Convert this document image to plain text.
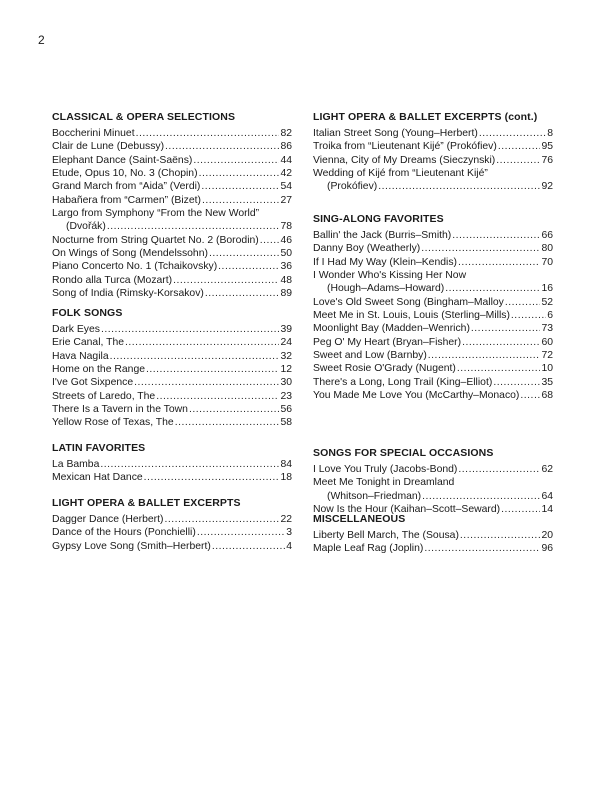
2
CLASSICAL & OPERA SELECTIONS
Boccherini Minuet .....	82
Clair de Lune (Debussy) .....	86
Elephant Dance (Saint-Saëns) .....	44
Etude, Opus 10, No. 3 (Chopin) .....	42
Grand March from “Aida” (Verdi) .....	54
Habañera from “Carmen” (Bizet) .....	27
Largo from Symphony “From the New World”
(Dvořák) .....	78
Nocturne from String Quartet No. 2 (Borodin) ..... 46
On Wings of Song (Mendelssohn) .....	50
Piano Concerto No. 1 (Tchaikovsky) .....	36
Rondo alla Turca (Mozart) .....	48
Song of India (Rimsky-Korsakov) .....	89
FOLK SONGS
Dark Eyes .....	39
Erie Canal, The .....	24
Hava Nagila .....	32
Home on the Range .....	12
I've Got Sixpence .....	30
Streets of Laredo, The .....	23
There Is a Tavern in the Town .....	56
Yellow Rose of Texas, The .....	58
LATIN FAVORITES
La Bamba .....	84
Mexican Hat Dance .....	18
LIGHT OPERA & BALLET EXCERPTS
Dagger Dance (Herbert) .....	22
Dance of the Hours (Ponchielli) .....	3
Gypsy Love Song (Smith–Herbert) .....	4
LIGHT OPERA & BALLET EXCERPTS (cont.)
Italian Street Song (Young–Herbert) .....	8
Troika from “Lieutenant Kijé” (Prokófiev) .....	95
Vienna, City of My Dreams (Sieczynski) .....	76
Wedding of Kijé from “Lieutenant Kijé”
(Prokófiev) .....	92
SING-ALONG FAVORITES
Ballin' the Jack (Burris–Smith) .....	66
Danny Boy (Weatherly) .....	80
If I Had My Way (Klein–Kendis) .....	70
I Wonder Who's Kissing Her Now
(Hough–Adams–Howard) .....	16
Love's Old Sweet Song (Bingham–Malloy .....	52
Meet Me in St. Louis, Louis (Sterling–Mills) .....	6
Moonlight Bay (Madden–Wenrich) .....	73
Peg O' My Heart (Bryan–Fisher) .....	60
Sweet and Low (Barnby) .....	72
Sweet Rosie O'Grady (Nugent) .....	10
There's a Long, Long Trail (King–Elliot) .....	35
You Made Me Love You (McCarthy–Monaco) ..... 68
SONGS FOR SPECIAL OCCASIONS
I Love You Truly (Jacobs-Bond) .....	62
Meet Me Tonight in Dreamland
(Whitson–Friedman) .....	64
Now Is the Hour (Kaihan–Scott–Seward) .....	14
MISCELLANEOUS
Liberty Bell March, The (Sousa) .....	20
Maple Leaf Rag (Joplin) .....	96
